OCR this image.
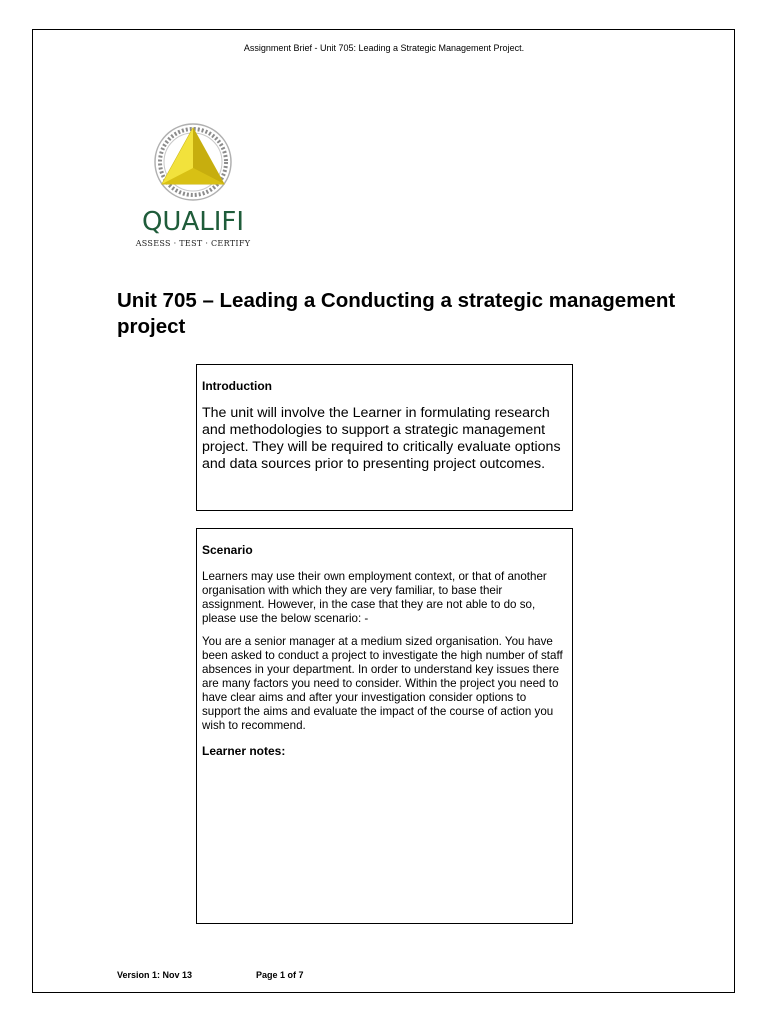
Assignment Brief - Unit 705: Leading a Strategic Management Project.
QUALIFI
ASSESS · TEST · CERTIFY
Unit 705 – Leading a Conducting a strategic management project
Introduction

The unit will involve the Learner in formulating research and methodologies to support a strategic management project. They will be required to critically evaluate options and data sources prior to presenting project outcomes.

Scenario

Learners may use their own employment context, or that of another organisation with which they are very familiar, to base their assignment. However, in the case that they are not able to do so, please use the below scenario: -

You are a senior manager at a medium sized organisation. You have been asked to conduct a project to investigate the high number of staff absences in your department. In order to understand key issues there are many factors you need to consider. Within the project you need to have clear aims and after your investigation consider options to support the aims and evaluate the impact of the course of action you wish to recommend.

Learner notes:
Version 1: Nov 13	Page 1 of 7
